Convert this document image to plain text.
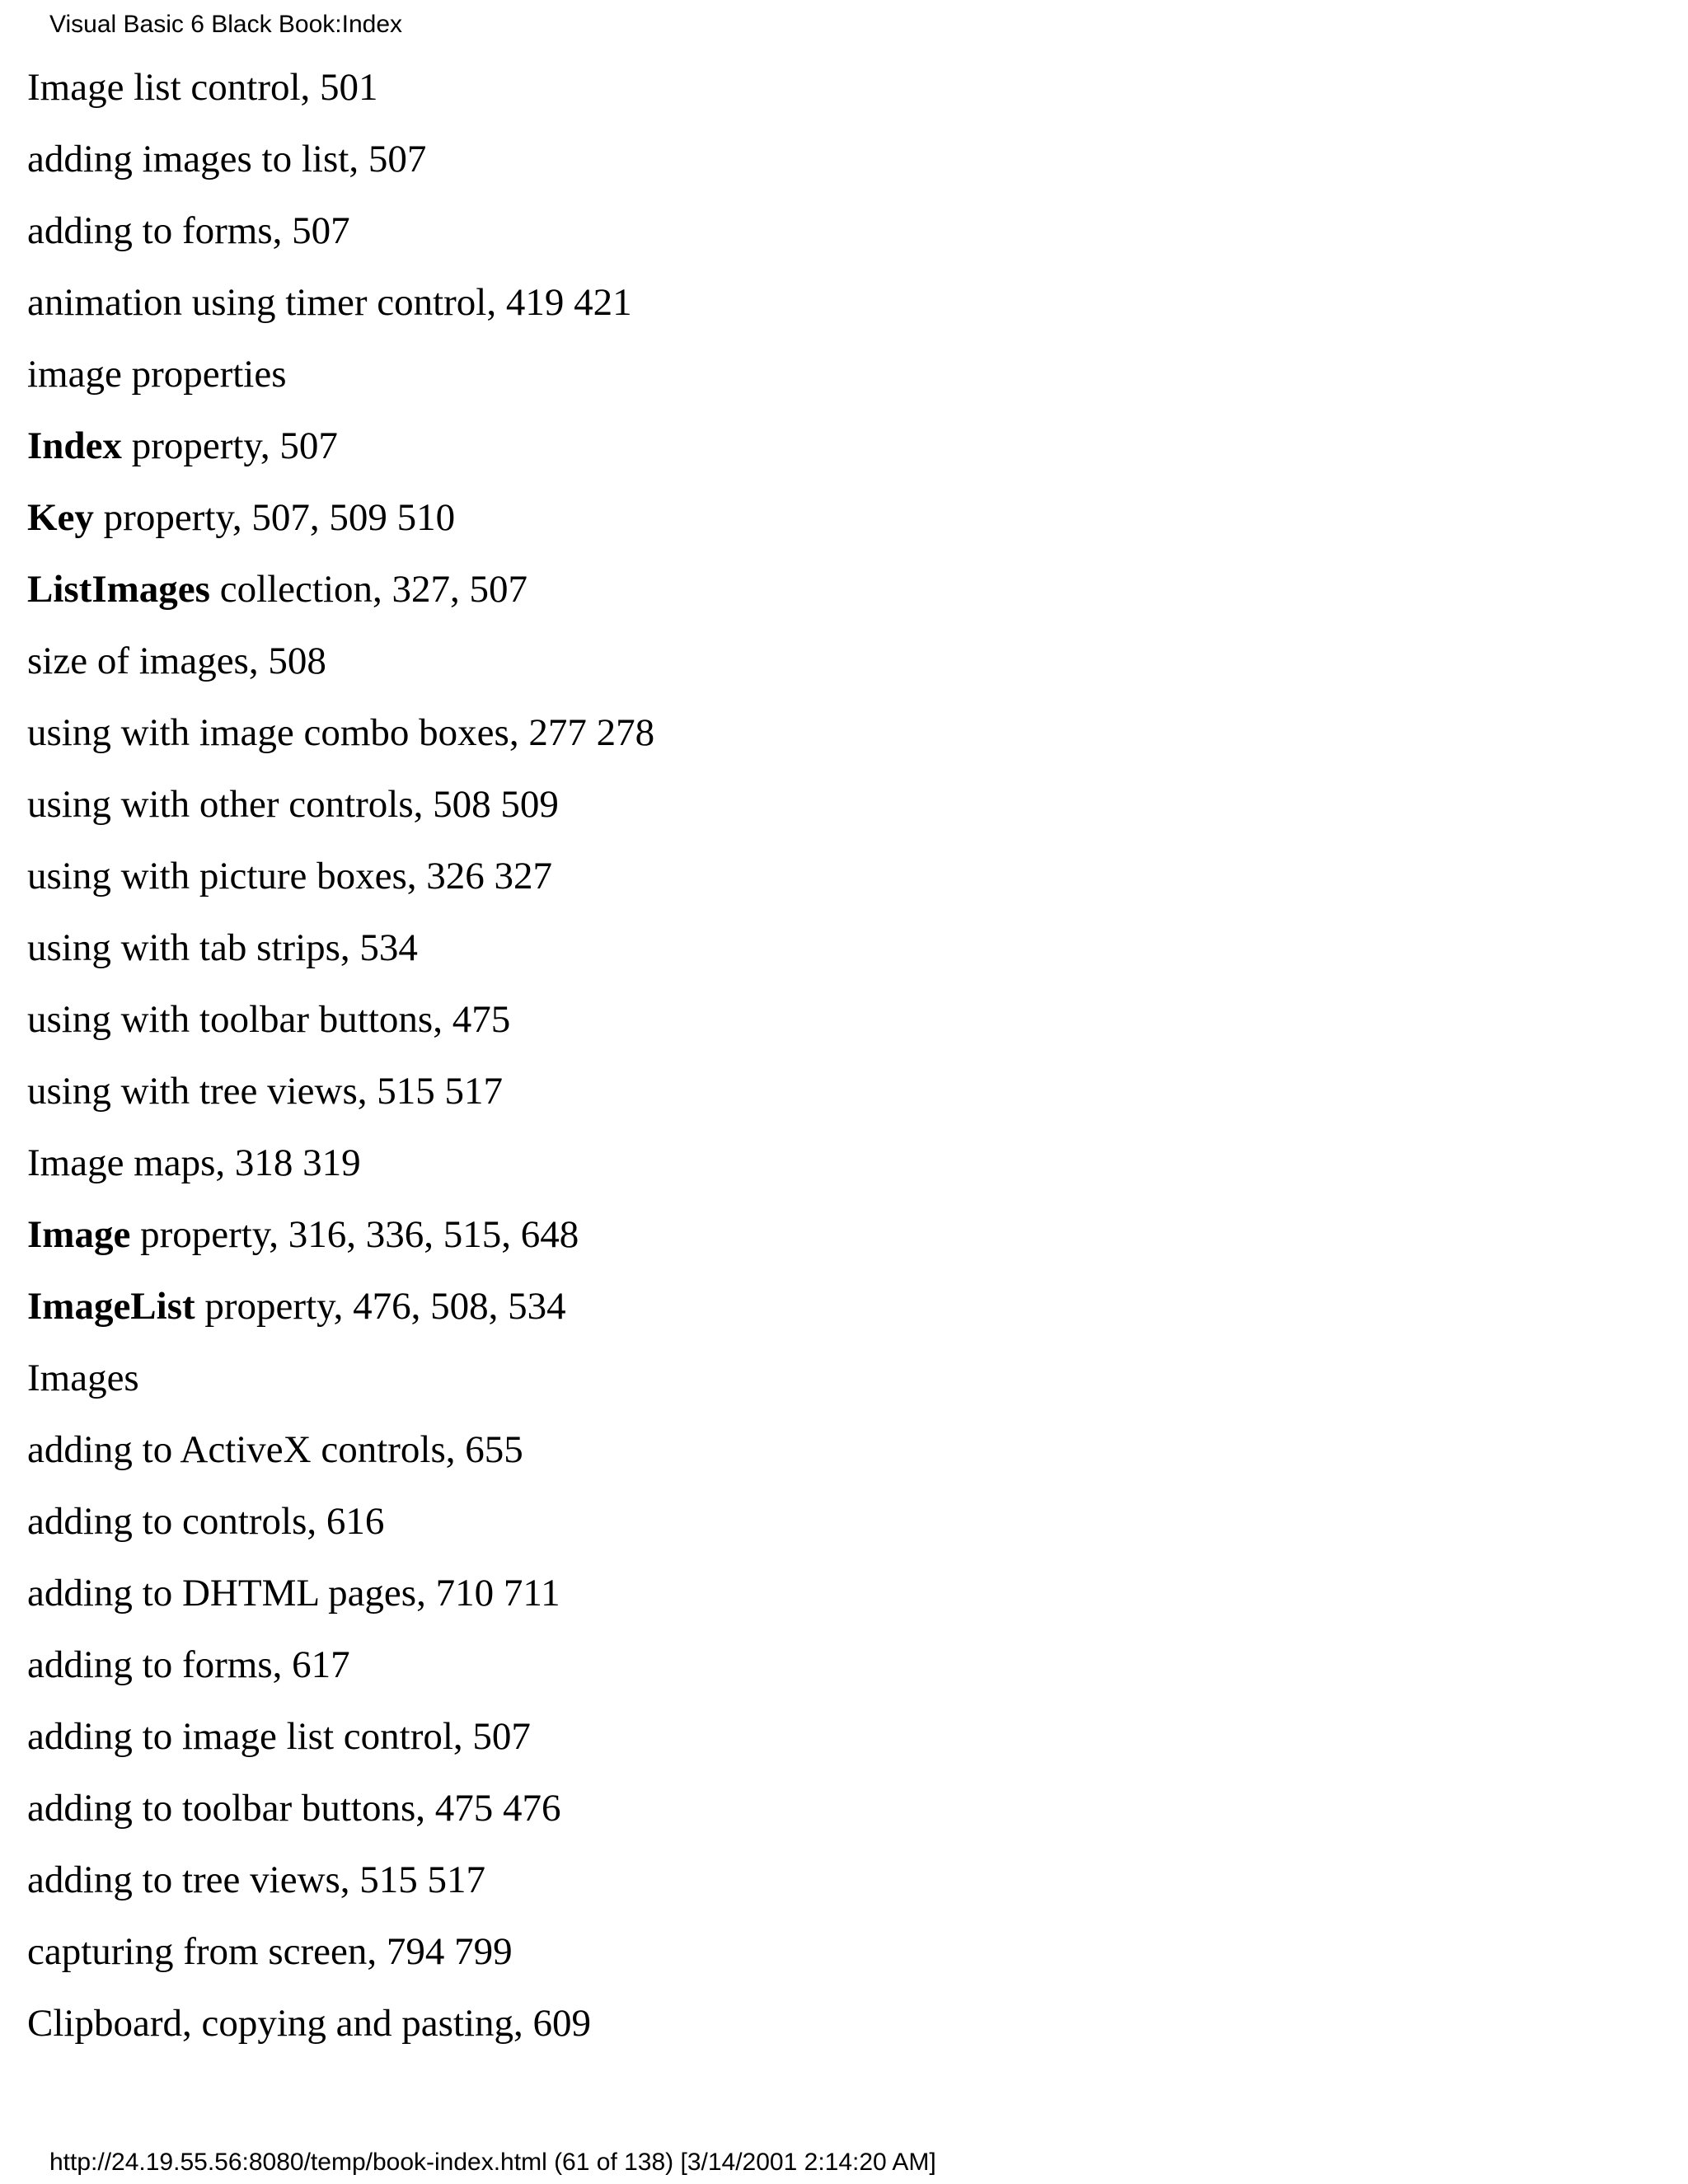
Visual Basic 6 Black Book:Index
Image list control, 501
adding images to list, 507
adding to forms, 507
animation using timer control, 419 421
image properties
Index property, 507
Key property, 507, 509 510
ListImages collection, 327, 507
size of images, 508
using with image combo boxes, 277 278
using with other controls, 508 509
using with picture boxes, 326 327
using with tab strips, 534
using with toolbar buttons, 475
using with tree views, 515 517
Image maps, 318 319
Image property, 316, 336, 515, 648
ImageList property, 476, 508, 534
Images
adding to ActiveX controls, 655
adding to controls, 616
adding to DHTML pages, 710 711
adding to forms, 617
adding to image list control, 507
adding to toolbar buttons, 475 476
adding to tree views, 515 517
capturing from screen, 794 799
Clipboard, copying and pasting, 609
http://24.19.55.56:8080/temp/book-index.html (61 of 138) [3/14/2001 2:14:20 AM]
